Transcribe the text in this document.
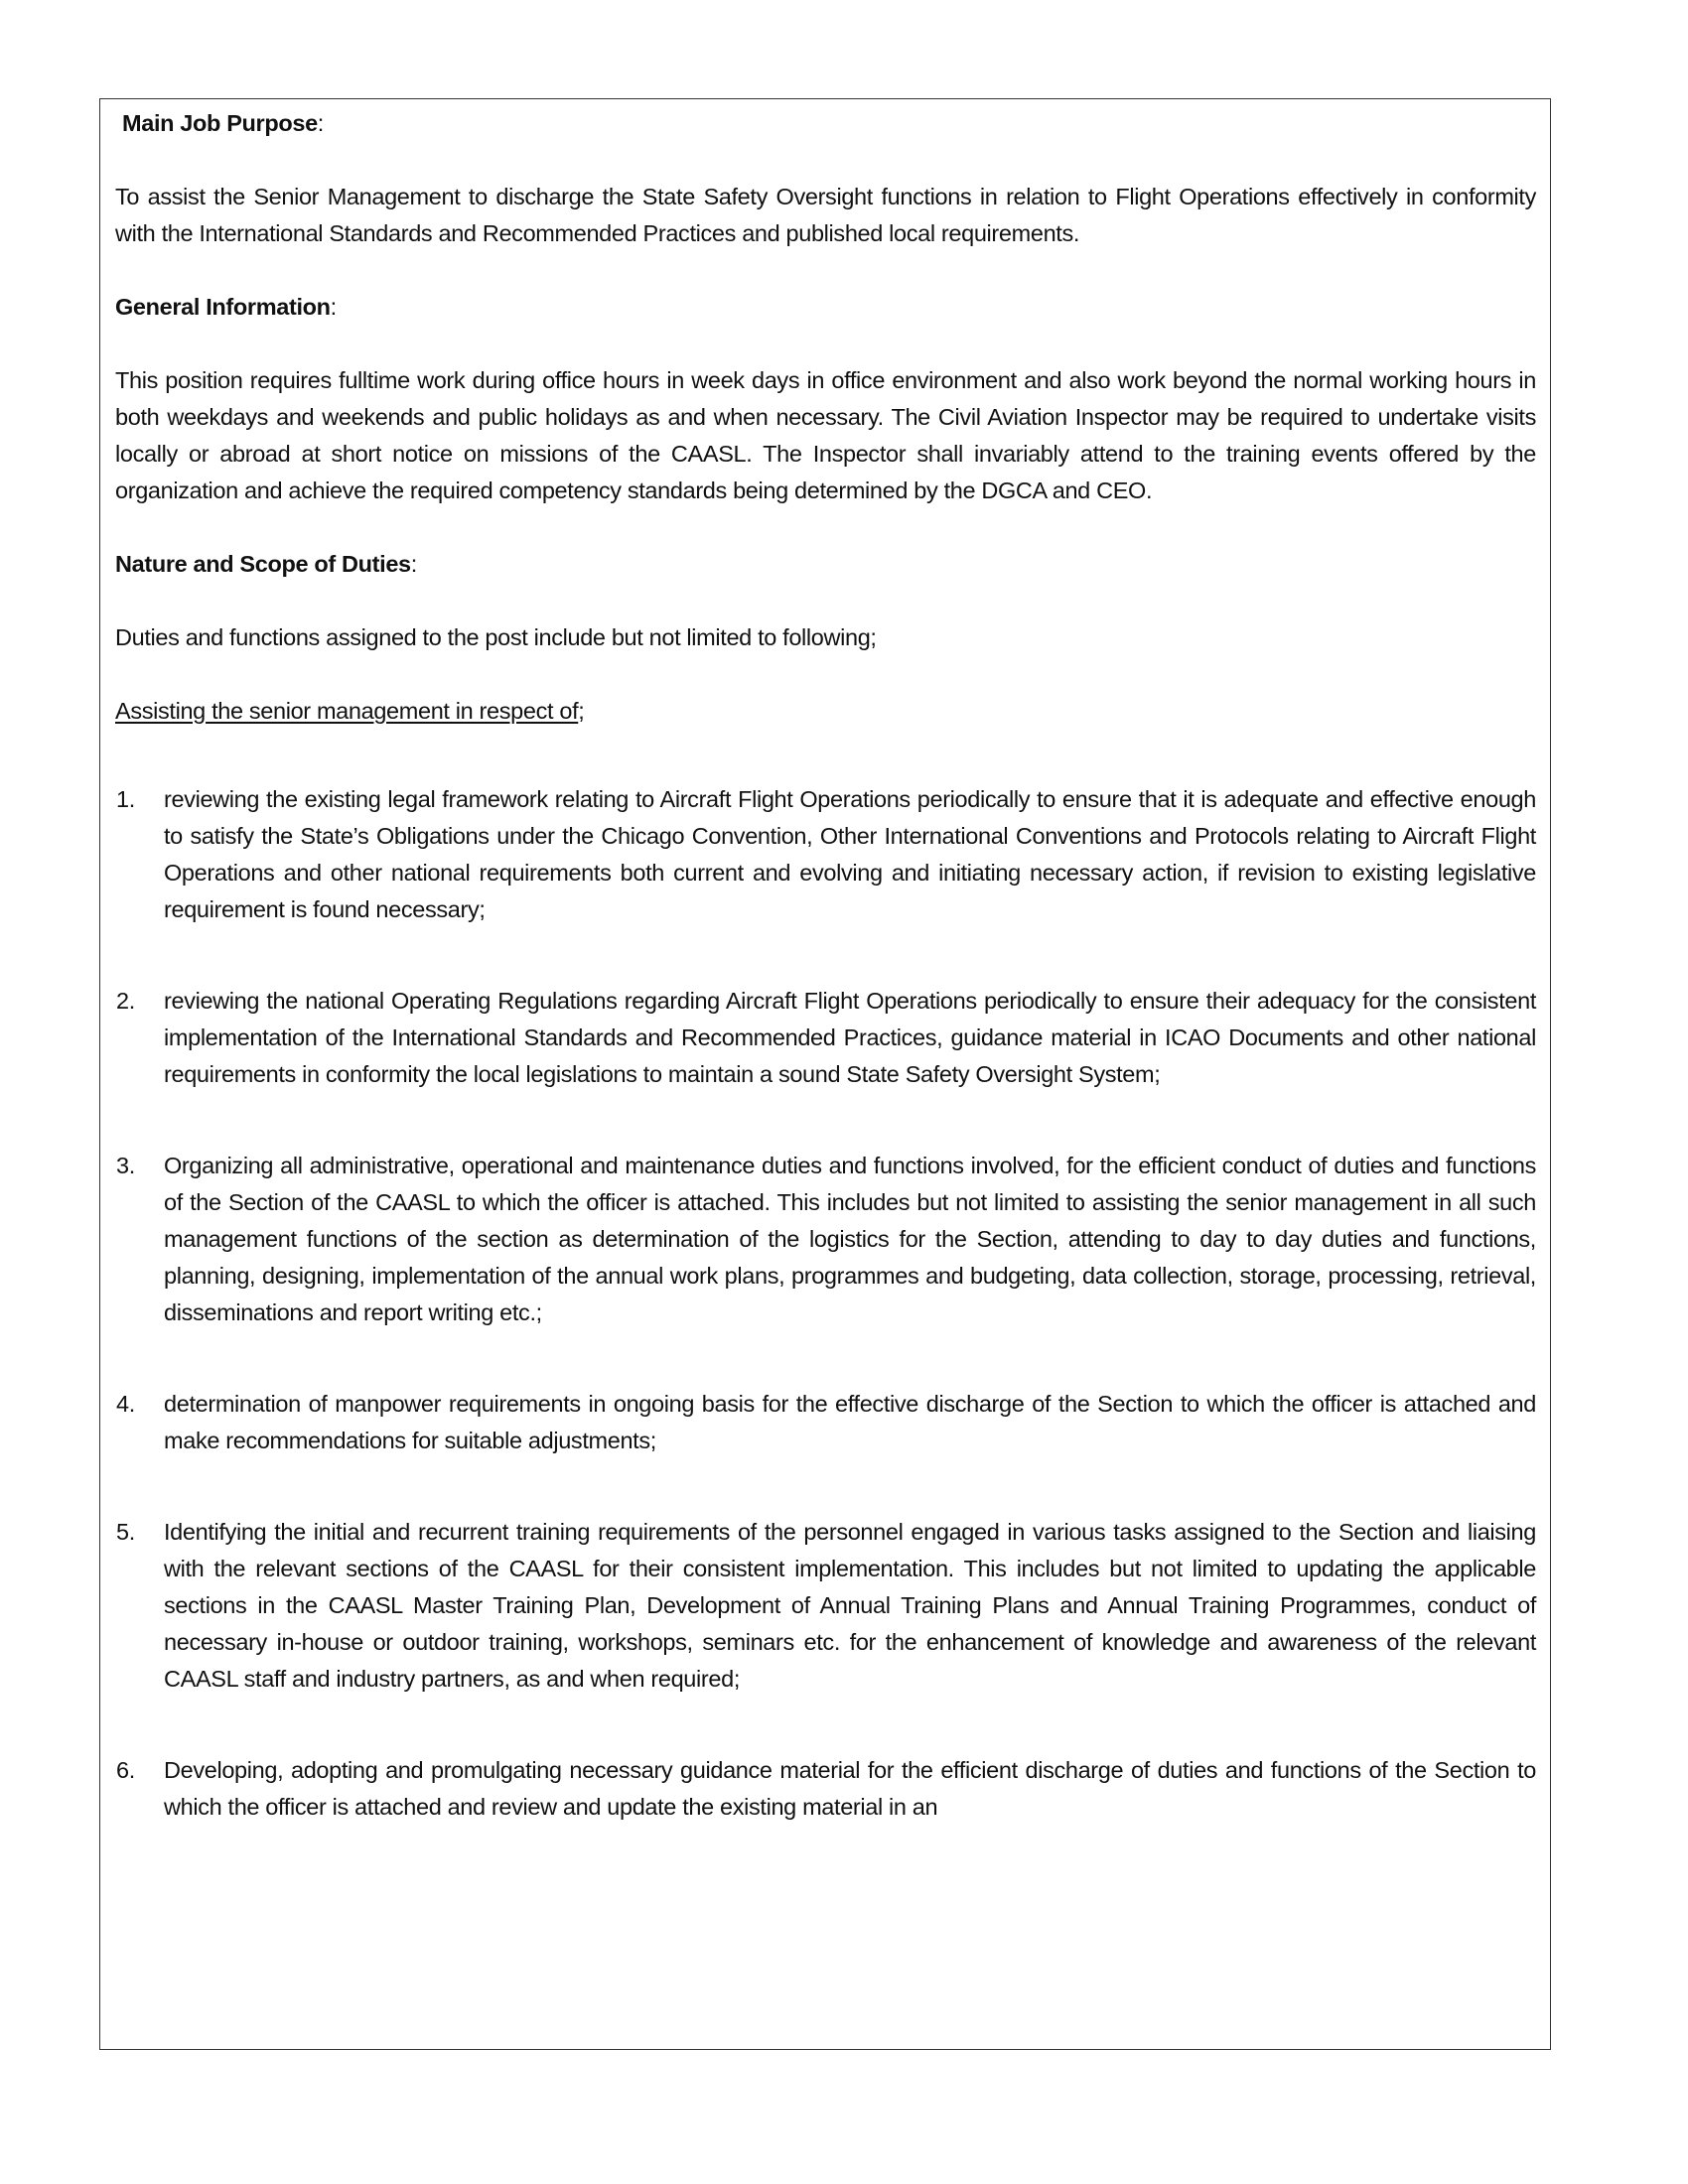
Main Job Purpose:

To assist the Senior Management to discharge the State Safety Oversight functions in relation to Flight Operations effectively in conformity with the International Standards and Recommended Practices and published local requirements.

General Information:

This position requires fulltime work during office hours in week days in office environment and also work beyond the normal working hours in both weekdays and weekends and public holidays as and when necessary. The Civil Aviation Inspector may be required to undertake visits locally or abroad at short notice on missions of the CAASL. The Inspector shall invariably attend to the training events offered by the organization and achieve the required competency standards being determined by the DGCA and CEO.

Nature and Scope of Duties:

Duties and functions assigned to the post include but not limited to following;

Assisting the senior management in respect of;

1. reviewing the existing legal framework relating to Aircraft Flight Operations periodically to ensure that it is adequate and effective enough to satisfy the State’s Obligations under the Chicago Convention, Other International Conventions and Protocols relating to Aircraft Flight Operations and other national requirements both current and evolving and initiating necessary action, if revision to existing legislative requirement is found necessary;
2. reviewing the national Operating Regulations regarding Aircraft Flight Operations periodically to ensure their adequacy for the consistent implementation of the International Standards and Recommended Practices, guidance material in ICAO Documents and other national requirements in conformity the local legislations to maintain a sound State Safety Oversight System;
3. Organizing all administrative, operational and maintenance duties and functions involved, for the efficient conduct of duties and functions of the Section of the CAASL to which the officer is attached. This includes but not limited to assisting the senior management in all such management functions of the section as determination of the logistics for the Section, attending to day to day duties and functions, planning, designing, implementation of the annual work plans, programmes and budgeting, data collection, storage, processing, retrieval, disseminations and report writing etc.;
4. determination of manpower requirements in ongoing basis for the effective discharge of the Section to which the officer is attached and make recommendations for suitable adjustments;
5. Identifying the initial and recurrent training requirements of the personnel engaged in various tasks assigned to the Section and liaising with the relevant sections of the CAASL for their consistent implementation. This includes but not limited to updating the applicable sections in the CAASL Master Training Plan, Development of Annual Training Plans and Annual Training Programmes, conduct of necessary in-house or outdoor training, workshops, seminars etc. for the enhancement of knowledge and awareness of the relevant CAASL staff and industry partners, as and when required;
6. Developing, adopting and promulgating necessary guidance material for the efficient discharge of duties and functions of the Section to which the officer is attached and review and update the existing material in an
